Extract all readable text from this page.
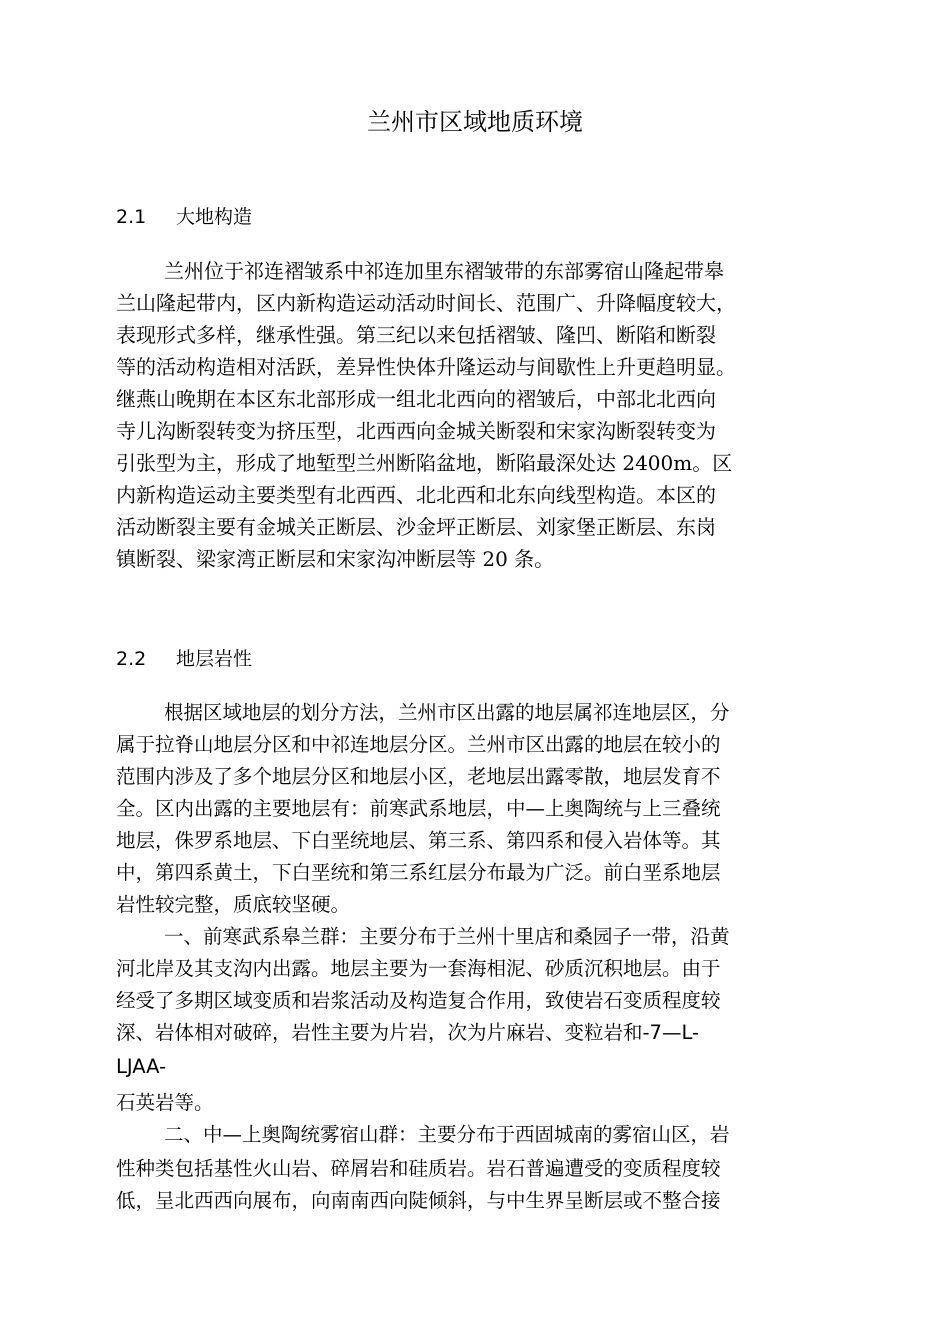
兰州市区域地质环境
2.1 大地构造

兰州位于祁连褶皱系中祁连加里东褶皱带的东部雾宿山隆起带皋

兰山隆起带内，区内新构造运动活动时间长、范围广、升降幅度较大，

表现形式多样，继承性强。第三纪以来包括褶皱、隆凹、断陷和断裂

等的活动构造相对活跃，差异性快体升隆运动与间歇性上升更趋明显。

继燕山晚期在本区东北部形成一组北北西向的褶皱后，中部北北西向

寺儿沟断裂转变为挤压型，北西西向金城关断裂和宋家沟断裂转变为

引张型为主，形成了地堑型兰州断陷盆地，断陷最深处达 2400m。区

内新构造运动主要类型有北西西、北北西和北东向线型构造。本区的

活动断裂主要有金城关正断层、沙金坪正断层、刘家堡正断层、东岗

镇断裂、梁家湾正断层和宋家沟冲断层等 20 条。

2.2 地层岩性

根据区域地层的划分方法，兰州市区出露的地层属祁连地层区，分

属于拉脊山地层分区和中祁连地层分区。兰州市区出露的地层在较小的

范围内涉及了多个地层分区和地层小区，老地层出露零散，地层发育不

全。区内出露的主要地层有：前寒武系地层，中—上奥陶统与上三叠统

地层，侏罗系地层、下白垩统地层、第三系、第四系和侵入岩体等。其

中，第四系黄土，下白垩统和第三系红层分布最为广泛。前白垩系地层

岩性较完整，质底较坚硬。

一、前寒武系皋兰群：主要分布于兰州十里店和桑园子一带，沿黄

河北岸及其支沟内出露。地层主要为一套海相泥、砂质沉积地层。由于

经受了多期区域变质和岩浆活动及构造复合作用，致使岩石变质程度较

深、岩体相对破碎，岩性主要为片岩，次为片麻岩、变粒岩和-7—L-

LJAA-

石英岩等。

二、中—上奥陶统雾宿山群：主要分布于西固城南的雾宿山区，岩

性种类包括基性火山岩、碎屑岩和硅质岩。岩石普遍遭受的变质程度较

低，呈北西西向展布，向南南西向陡倾斜，与中生界呈断层或不整合接
